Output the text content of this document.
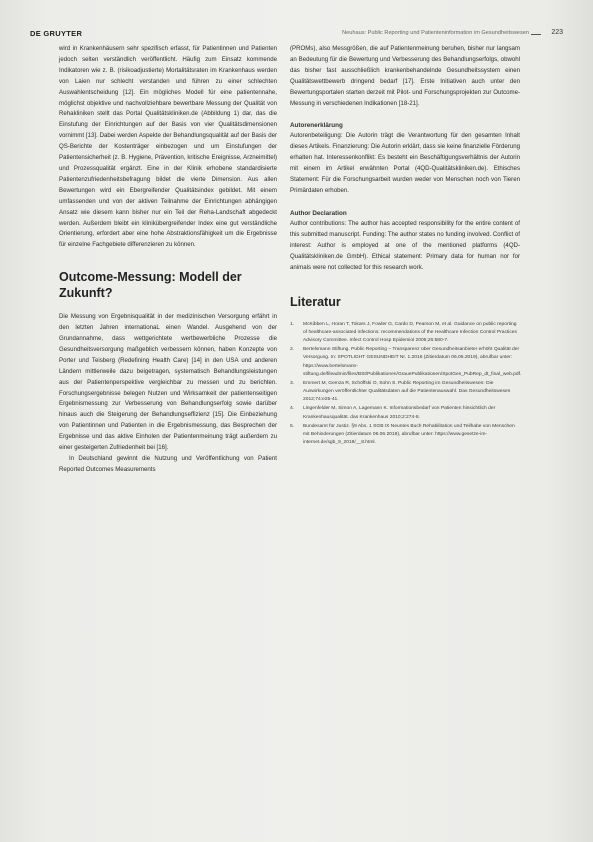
DE GRUYTER	Neuhaus: Public Reporting und Patienteninformation im Gesundheitswesen	223

wird in Krankenhäusern sehr spezifisch erfasst, für Patientinnen und Patienten jedoch selten verständlich veröffentlicht. Häufig zum Einsatz kommende Indikatoren wie z. B. (risikoadjustierte) Mortalitätsraten im Krankenhaus werden von Laien nur schlecht verstanden und führen zu einer schlechten Auswahlentscheidung [12]. Ein mögliches Modell für eine patientennahe, möglichst objektive und nachvollziehbare bewertbare Messung der Qualität von Rehakliniken stellt das Portal Qualitätskliniken.de (Abbildung 1) dar, das die Einstufung der Einrichtungen auf der Basis von vier Qualitätsdimensionen vornimmt [13]. Dabei werden Aspekte der Behandlungsqualität auf der Basis der QS-Berichte der Kostenträger einbezogen und um Einstufungen der Patientensicherheit (z. B. Hygiene, Prävention, kritische Ereignisse, Arzneimittel) und Prozessqualität ergänzt. Eine in der Klinik erhobene standardisierte Patientenzufriedenheitsbefragung bildet die vierte Dimension. Aus allen Bewertungen wird ein Ebergreifender Qualitätsindex gebildet. Mit einem umfassenden und von der aktiven Teilnahme der Einrichtungen abhängigen Ansatz wie diesem kann bisher nur ein Teil der Reha-Landschaft abgedeckt werden. Außerdem bleibt ein klinikübergreifender Index eine gut verständliche Orientierung, erfordert aber eine hohe Abstraktionsfähigkeit um die Ergebnisse für einzelne Fachgebiete differenzieren zu können.

Outcome-Messung: Modell der Zukunft?

Die Messung von Ergebnisqualität in der medizinischen Versorgung erfährt in den letzten Jahren internationaL einen Wandel. Ausgehend von der Grundannahme, dass wettgerichtete wertbewerbliche Prozesse die Gesundheitsversorgung maßgeblich verbessern können, haben Konzepte von Porter und Teisberg (Redefining Health Care) [14] in den USA und anderen Ländern mittlerweile dazu beigetragen, systematisch Behandlungsleistungen aus der Patientenperspektive vergleichbar zu messen und zu berichten. Forschungsergebnisse belegen Nutzen und Wirksamkeit der patientenseitigen Ergebnismessung zur Verbesserung von Behandlungserfolg sowie darüber hinaus auch die Steigerung der Behandlungseffizienz [15]. Die Einbeziehung von Patientinnen und Patienten in die Ergebnismessung, das Besprechen der Ergebnisse und das aktive Einholen der Patientenmeinung trägt außerdem zu einer gesteigerten Zufriedenheit bei [16].

In Deutschland gewinnt die Nutzung und Veröffentlichung von Patient Reported Outcomes Measurements

(PROMs), also Messgrößen, die auf Patientenmeinung beruhen, bisher nur langsam an Bedeutung für die Bewertung und Verbesserung des Behandlungserfolgs, obwohl das bisher fast ausschließlich krankenbehandelnde Gesundheitssystem einen Qualitätswettbewerb dringend bedarf [17]. Erste Initiativen auch unter den Bewertungsportalen starten derzeit mit Pilot- und Forschungsprojekten zur Outcome-Messung in verschiedenen Indikationen [18-21].

Autorenerklärung

Autorenbeteiligung: Die Autorin trägt die Verantwortung für den gesamten Inhalt dieses Artikels. Finanzierung: Die Autorin erklärt, dass sie keine finanzielle Förderung erhalten hat. Interessenkonflikt: Es besteht ein Beschäftigungsverhältnis der Autorin mit einem im Artikel erwähnten Portal (4QD-Qualitätskliniken.de). Ethisches Statement: Für die Forschungsarbeit wurden weder von Menschen noch von Tieren Primärdaten erhoben.

Author Declaration

Author contributions: The author has accepted responsibility for the entire content of this submitted manuscript. Funding: The author states no funding involved. Conflict of interest: Author is employed at one of the mentioned platforms (4QD-Qualitätskliniken.de GmbH). Ethical statement: Primary data for human nor for animals were not collected for this research work.

Literatur
1. McKibben L, Horan T, Tokars J, Fowler G, Cardo D, Pearson M, et al. Guidance on public reporting of healthcare-associated infections: recommendations of the Healthcare Infection Control Practices Advisory Committee. Infect Control Hosp Epidemiol 2005;26:580-7.
2. Bertelsmann Stiftung. Public Reporting – Transparenz über Gesundheitsanbieter erhöht Qualität der Versorgung. In: SPOTLIGHT GESUNDHEIT Nr. 1.2016 (Zitierdatum 06.06.2019), abrufbar unter: https://www.bertelsmann-stiftung.de/fileadmin/files/BSt/Publikationen/GrauePublikationen/SpotGes_PubRep_dt_final_web.pdf.
3. Emmert M, Gemza R, Schöffski O, Sohn S. Public Reporting im Gesundheitswesen: Die Auswirkungen veröffentlichter Qualitätsdaten auf die Patientenauswahl. Das Gesundheitswesen 2012;74:e25-41.
4. Lingenfelder M, Simon A, Lagemann K. Informationsbedarf von Patienten hinsichtlich der Krankenhausqualität. das Krankenhaus 2010;2:274-8.
5. Bundesamt für Justiz. §9 Abs. 1 SGB IX Neuntes Buch Rehabilitation und Teilhabe von Menschen mit Behinderungen (Zitierdatum 06.06.2019), abrufbar unter: https://www.gesetze-im-internet.de/sgb_9_2018/__8.html.
